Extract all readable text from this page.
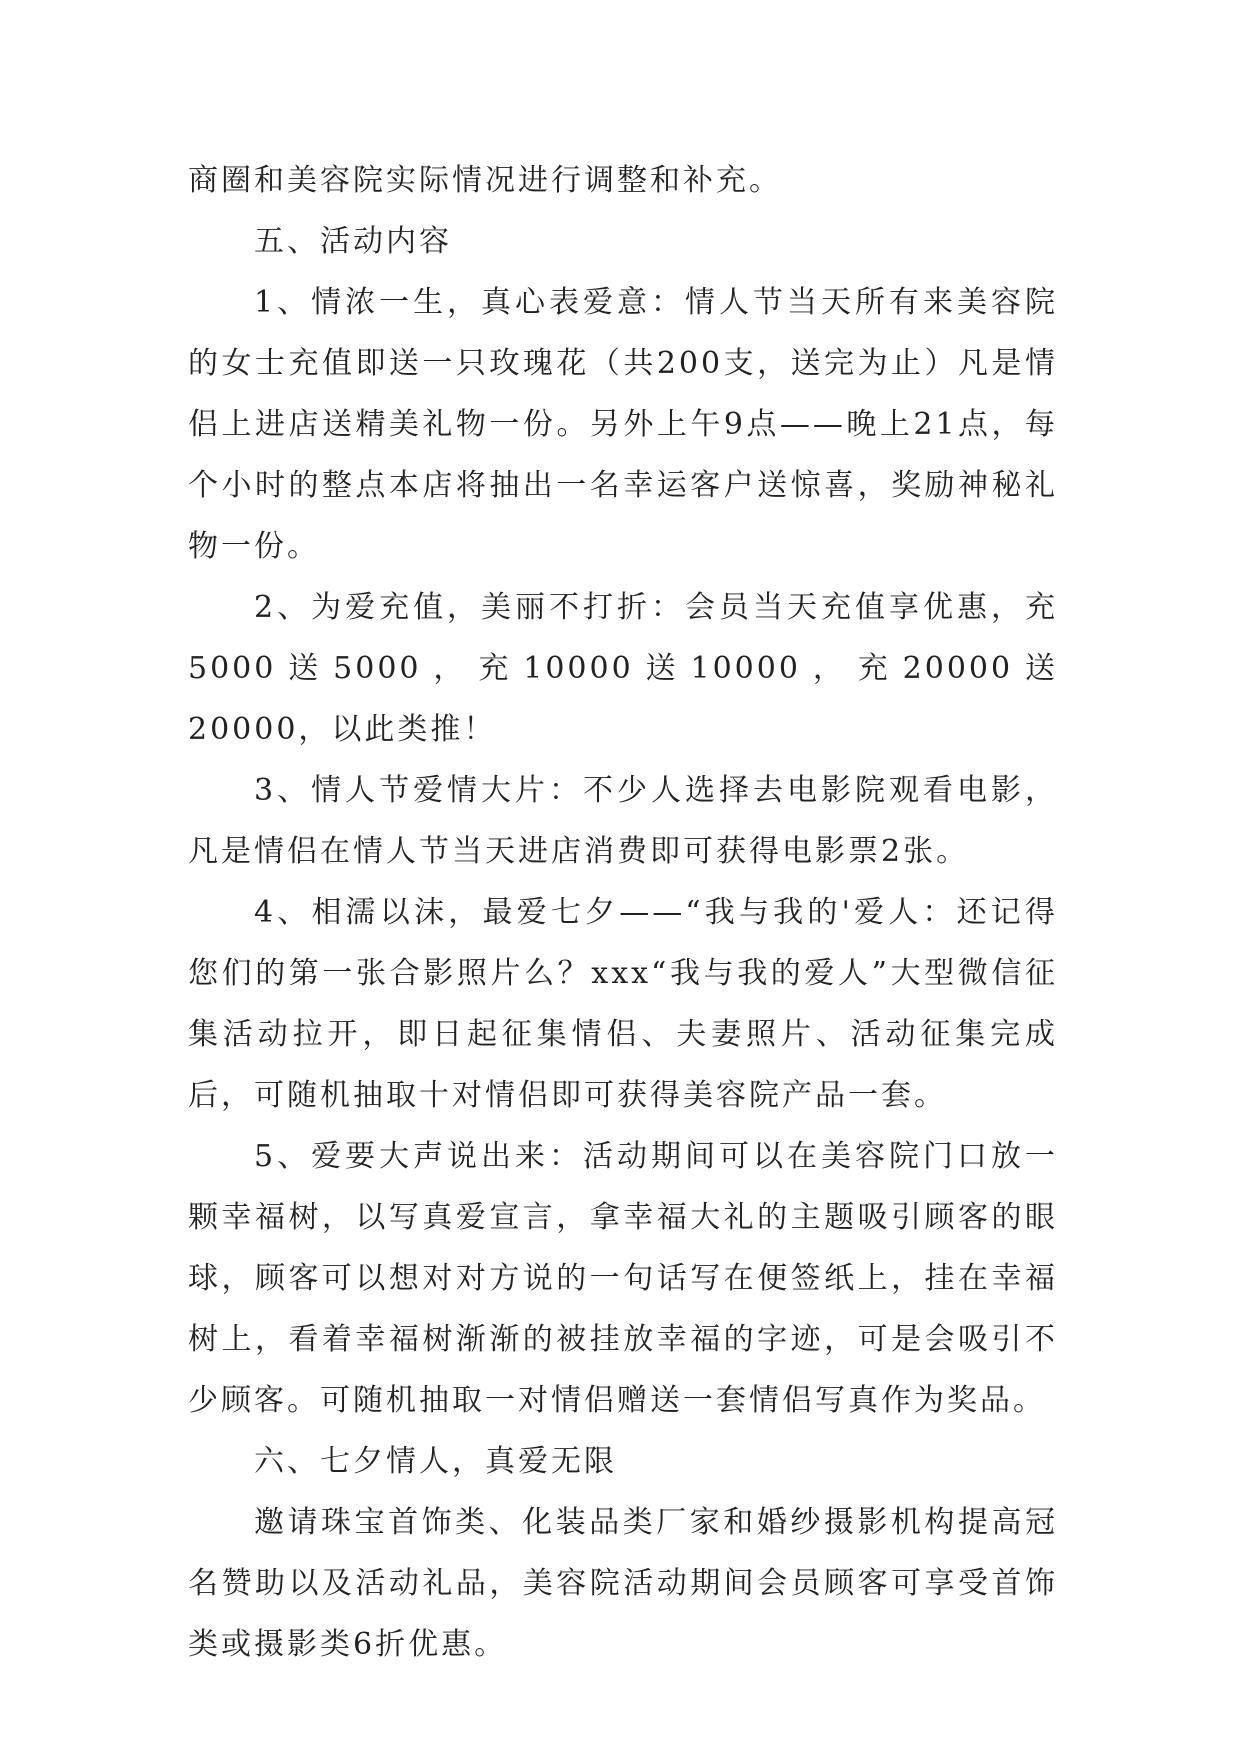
商圈和美容院实际情况进行调整和补充。

五、活动内容

1、情浓一生，真心表爱意：情人节当天所有来美容院的女士充值即送一只玫瑰花（共200支，送完为止）凡是情侣上进店送精美礼物一份。另外上午9点——晚上21点，每个小时的整点本店将抽出一名幸运客户送惊喜，奖励神秘礼物一份。

2、为爱充值，美丽不打折：会员当天充值享优惠，充5000送5000，充10000送10000，充20000送20000，以此类推！

3、情人节爱情大片：不少人选择去电影院观看电影，凡是情侣在情人节当天进店消费即可获得电影票2张。

4、相濡以沫，最爱七夕——“我与我的'爱人：还记得您们的第一张合影照片么？xxx“我与我的爱人”大型微信征集活动拉开，即日起征集情侣、夫妻照片、活动征集完成后，可随机抽取十对情侣即可获得美容院产品一套。

5、爱要大声说出来：活动期间可以在美容院门口放一颗幸福树，以写真爱宣言，拿幸福大礼的主题吸引顾客的眼球，顾客可以想对对方说的一句话写在便签纸上，挂在幸福树上，看着幸福树渐渐的被挂放幸福的字迹，可是会吸引不少顾客。可随机抽取一对情侣赠送一套情侣写真作为奖品。

六、七夕情人，真爱无限

邀请珠宝首饰类、化装品类厂家和婚纱摄影机构提高冠名赞助以及活动礼品，美容院活动期间会员顾客可享受首饰类或摄影类6折优惠。
